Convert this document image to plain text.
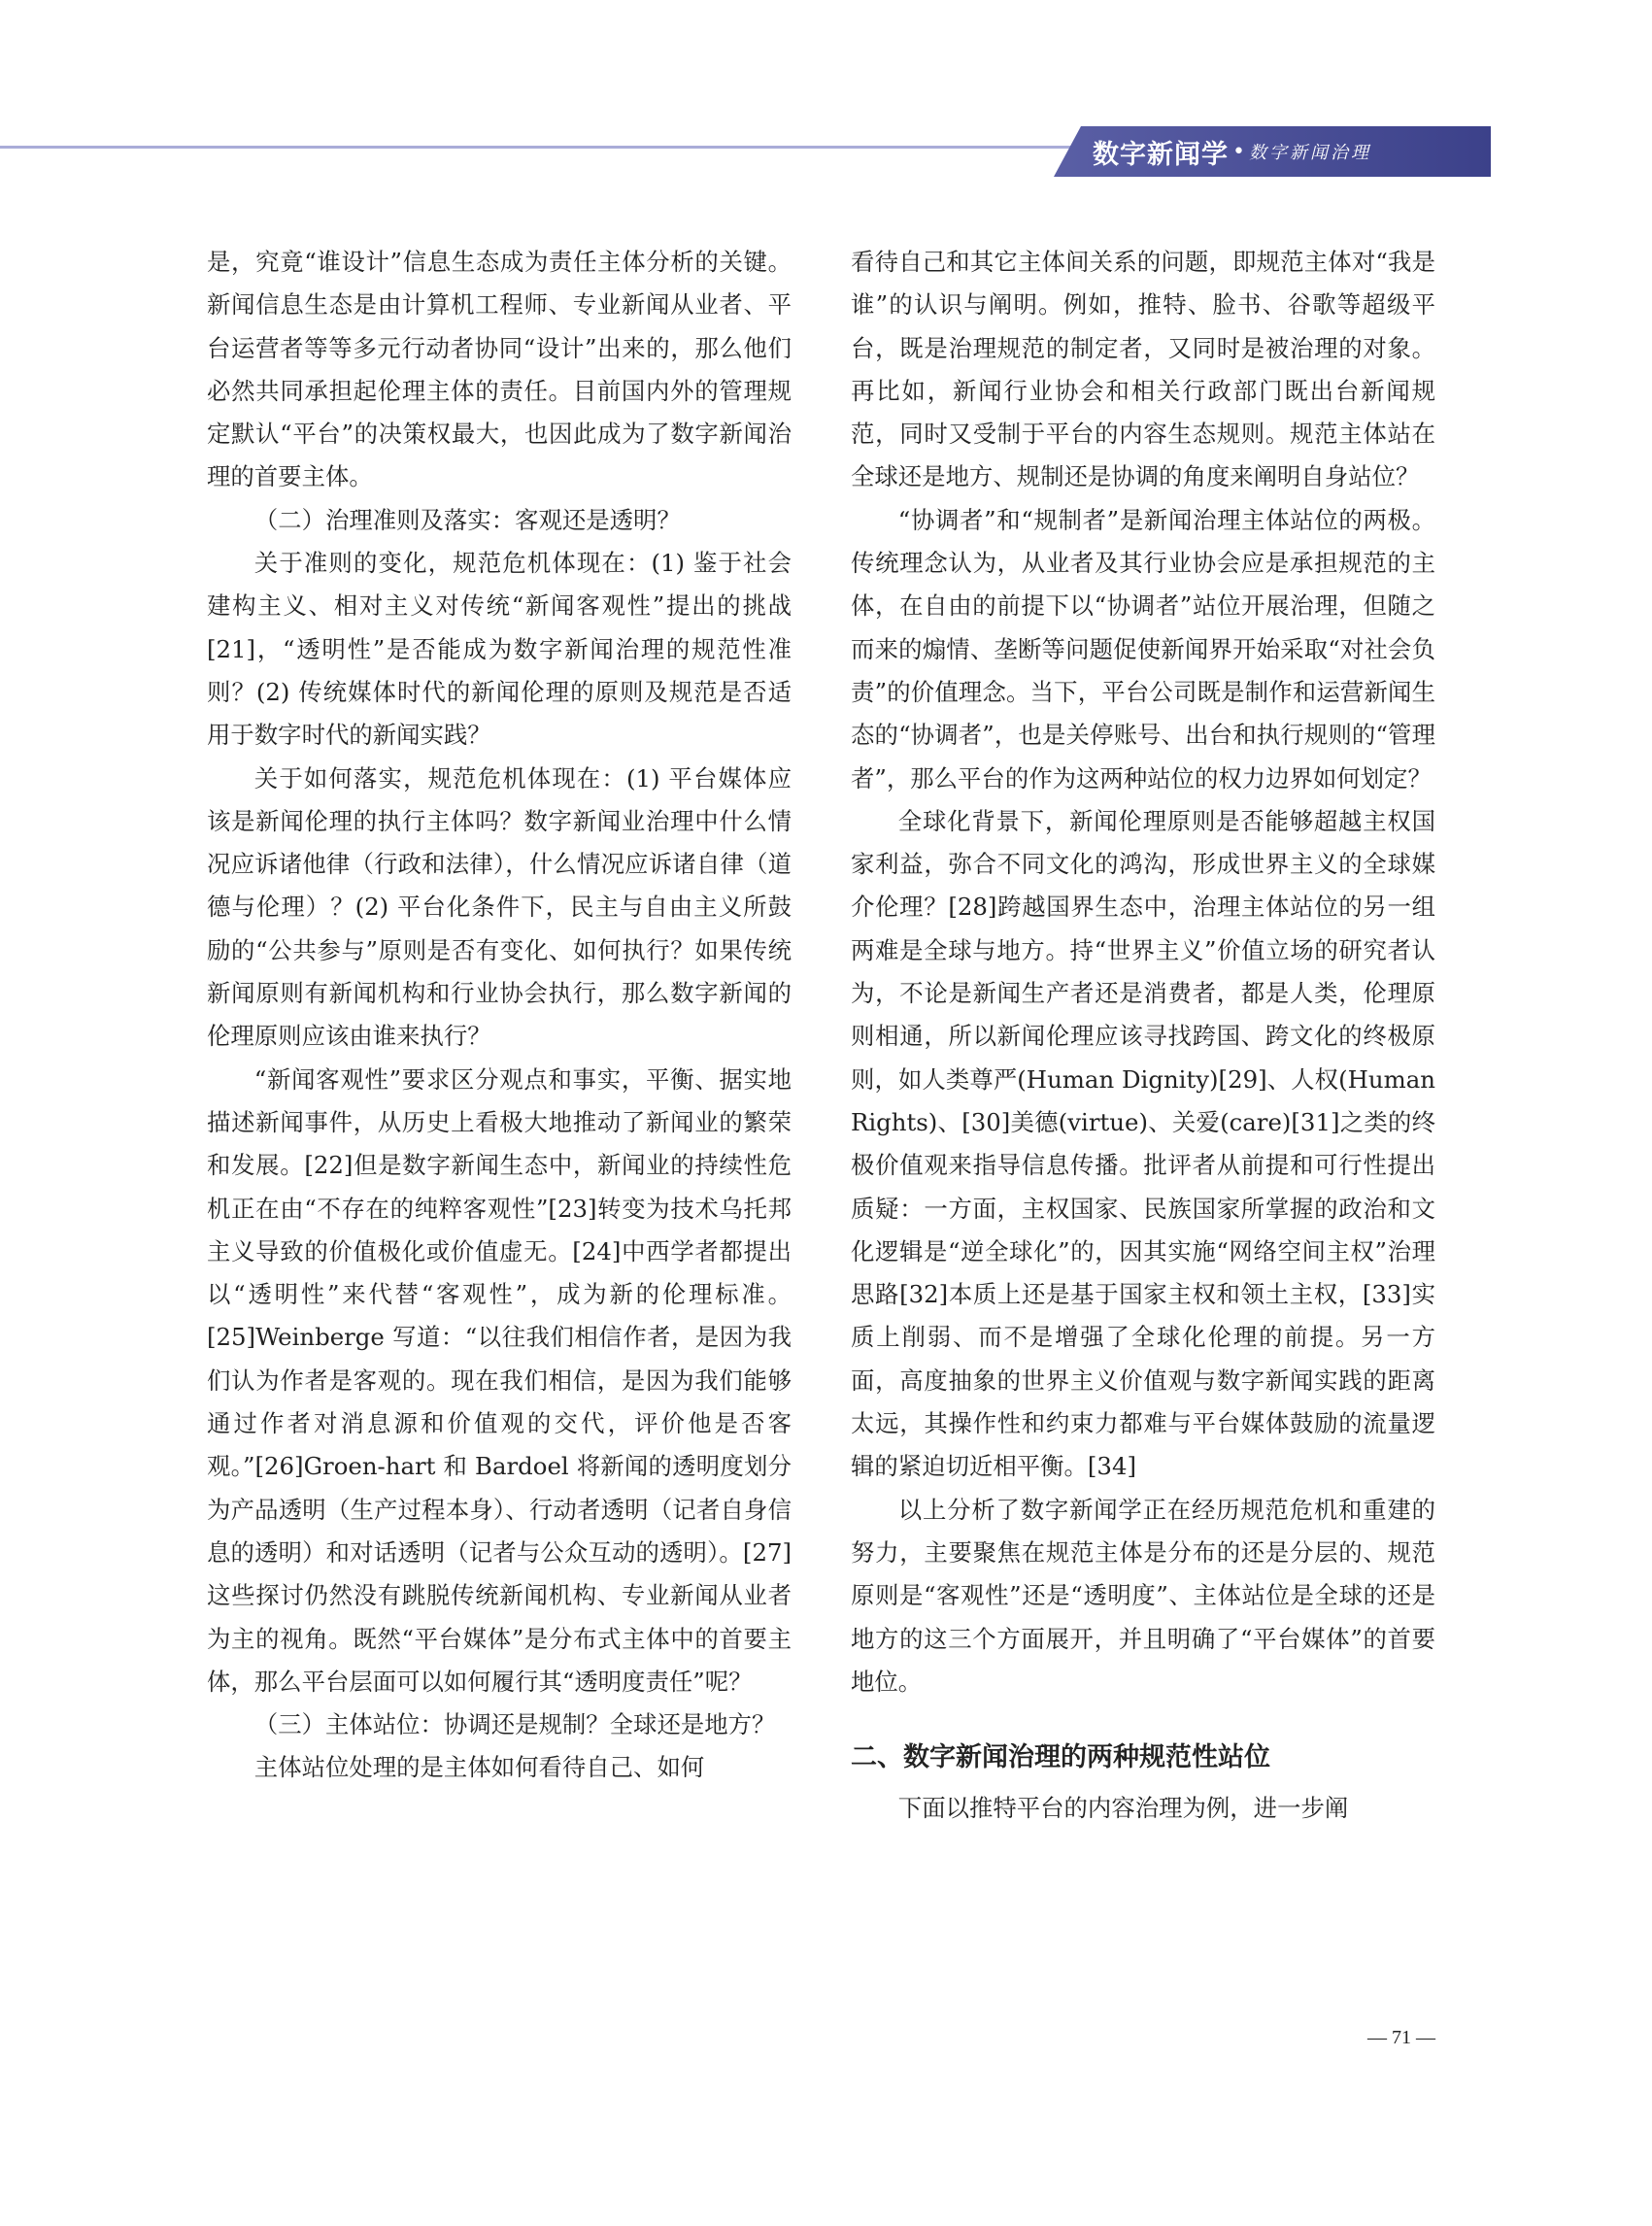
数字新闻学 • 数字新闻治理

是，究竟“谁设计”信息生态成为责任主体分析的关键。新闻信息生态是由计算机工程师、专业新闻从业者、平台运营者等等多元行动者协同“设计”出来的，那么他们必然共同承担起伦理主体的责任。目前国内外的管理规定默认“平台”的决策权最大，也因此成为了数字新闻治理的首要主体。

（二）治理准则及落实：客观还是透明？

关于准则的变化，规范危机体现在：(1) 鉴于社会建构主义、相对主义对传统“新闻客观性”提出的挑战[21]，“透明性”是否能成为数字新闻治理的规范性准则？(2) 传统媒体时代的新闻伦理的原则及规范是否适用于数字时代的新闻实践？

关于如何落实，规范危机体现在：(1) 平台媒体应该是新闻伦理的执行主体吗？数字新闻业治理中什么情况应诉诸他律（行政和法律），什么情况应诉诸自律（道德与伦理）？(2) 平台化条件下，民主与自由主义所鼓励的“公共参与”原则是否有变化、如何执行？如果传统新闻原则有新闻机构和行业协会执行，那么数字新闻的伦理原则应该由谁来执行？

“新闻客观性”要求区分观点和事实，平衡、据实地描述新闻事件，从历史上看极大地推动了新闻业的繁荣和发展。[22]但是数字新闻生态中，新闻业的持续性危机正在由“不存在的纯粹客观性”[23]转变为技术乌托邦主义导致的价值极化或价值虚无。[24]中西学者都提出以“透明性”来代替“客观性”，成为新的伦理标准。[25]Weinberge 写道：“以往我们相信作者，是因为我们认为作者是客观的。现在我们相信，是因为我们能够通过作者对消息源和价值观的交代，评价他是否客观。”[26]Groen-hart 和 Bardoel 将新闻的透明度划分为产品透明（生产过程本身）、行动者透明（记者自身信息的透明）和对话透明（记者与公众互动的透明）。[27]这些探讨仍然没有跳脱传统新闻机构、专业新闻从业者为主的视角。既然“平台媒体”是分布式主体中的首要主体，那么平台层面可以如何履行其“透明度责任”呢？

（三）主体站位：协调还是规制？全球还是地方？

主体站位处理的是主体如何看待自己、如何

看待自己和其它主体间关系的问题，即规范主体对“我是谁”的认识与阐明。例如，推特、脸书、谷歌等超级平台，既是治理规范的制定者，又同时是被治理的对象。再比如，新闻行业协会和相关行政部门既出台新闻规范，同时又受制于平台的内容生态规则。规范主体站在全球还是地方、规制还是协调的角度来阐明自身站位？

“协调者”和“规制者”是新闻治理主体站位的两极。传统理念认为，从业者及其行业协会应是承担规范的主体，在自由的前提下以“协调者”站位开展治理，但随之而来的煽情、垄断等问题促使新闻界开始采取“对社会负责”的价值理念。当下，平台公司既是制作和运营新闻生态的“协调者”，也是关停账号、出台和执行规则的“管理者”，那么平台的作为这两种站位的权力边界如何划定？

全球化背景下，新闻伦理原则是否能够超越主权国家利益，弥合不同文化的鸿沟，形成世界主义的全球媒介伦理？[28]跨越国界生态中，治理主体站位的另一组两难是全球与地方。持“世界主义”价值立场的研究者认为，不论是新闻生产者还是消费者，都是人类，伦理原则相通，所以新闻伦理应该寻找跨国、跨文化的终极原则，如人类尊严(Human Dignity)[29]、人权(Human Rights)、[30]美德(virtue)、关爱(care)[31]之类的终极价值观来指导信息传播。批评者从前提和可行性提出质疑：一方面，主权国家、民族国家所掌握的政治和文化逻辑是“逆全球化”的，因其实施“网络空间主权”治理思路[32]本质上还是基于国家主权和领土主权，[33]实质上削弱、而不是增强了全球化伦理的前提。另一方面，高度抽象的世界主义价值观与数字新闻实践的距离太远，其操作性和约束力都难与平台媒体鼓励的流量逻辑的紧迫切近相平衡。[34]

以上分析了数字新闻学正在经历规范危机和重建的努力，主要聚焦在规范主体是分布的还是分层的、规范原则是“客观性”还是“透明度”、主体站位是全球的还是地方的这三个方面展开，并且明确了“平台媒体”的首要地位。

二、数字新闻治理的两种规范性站位

下面以推特平台的内容治理为例，进一步阐

— 71 —
